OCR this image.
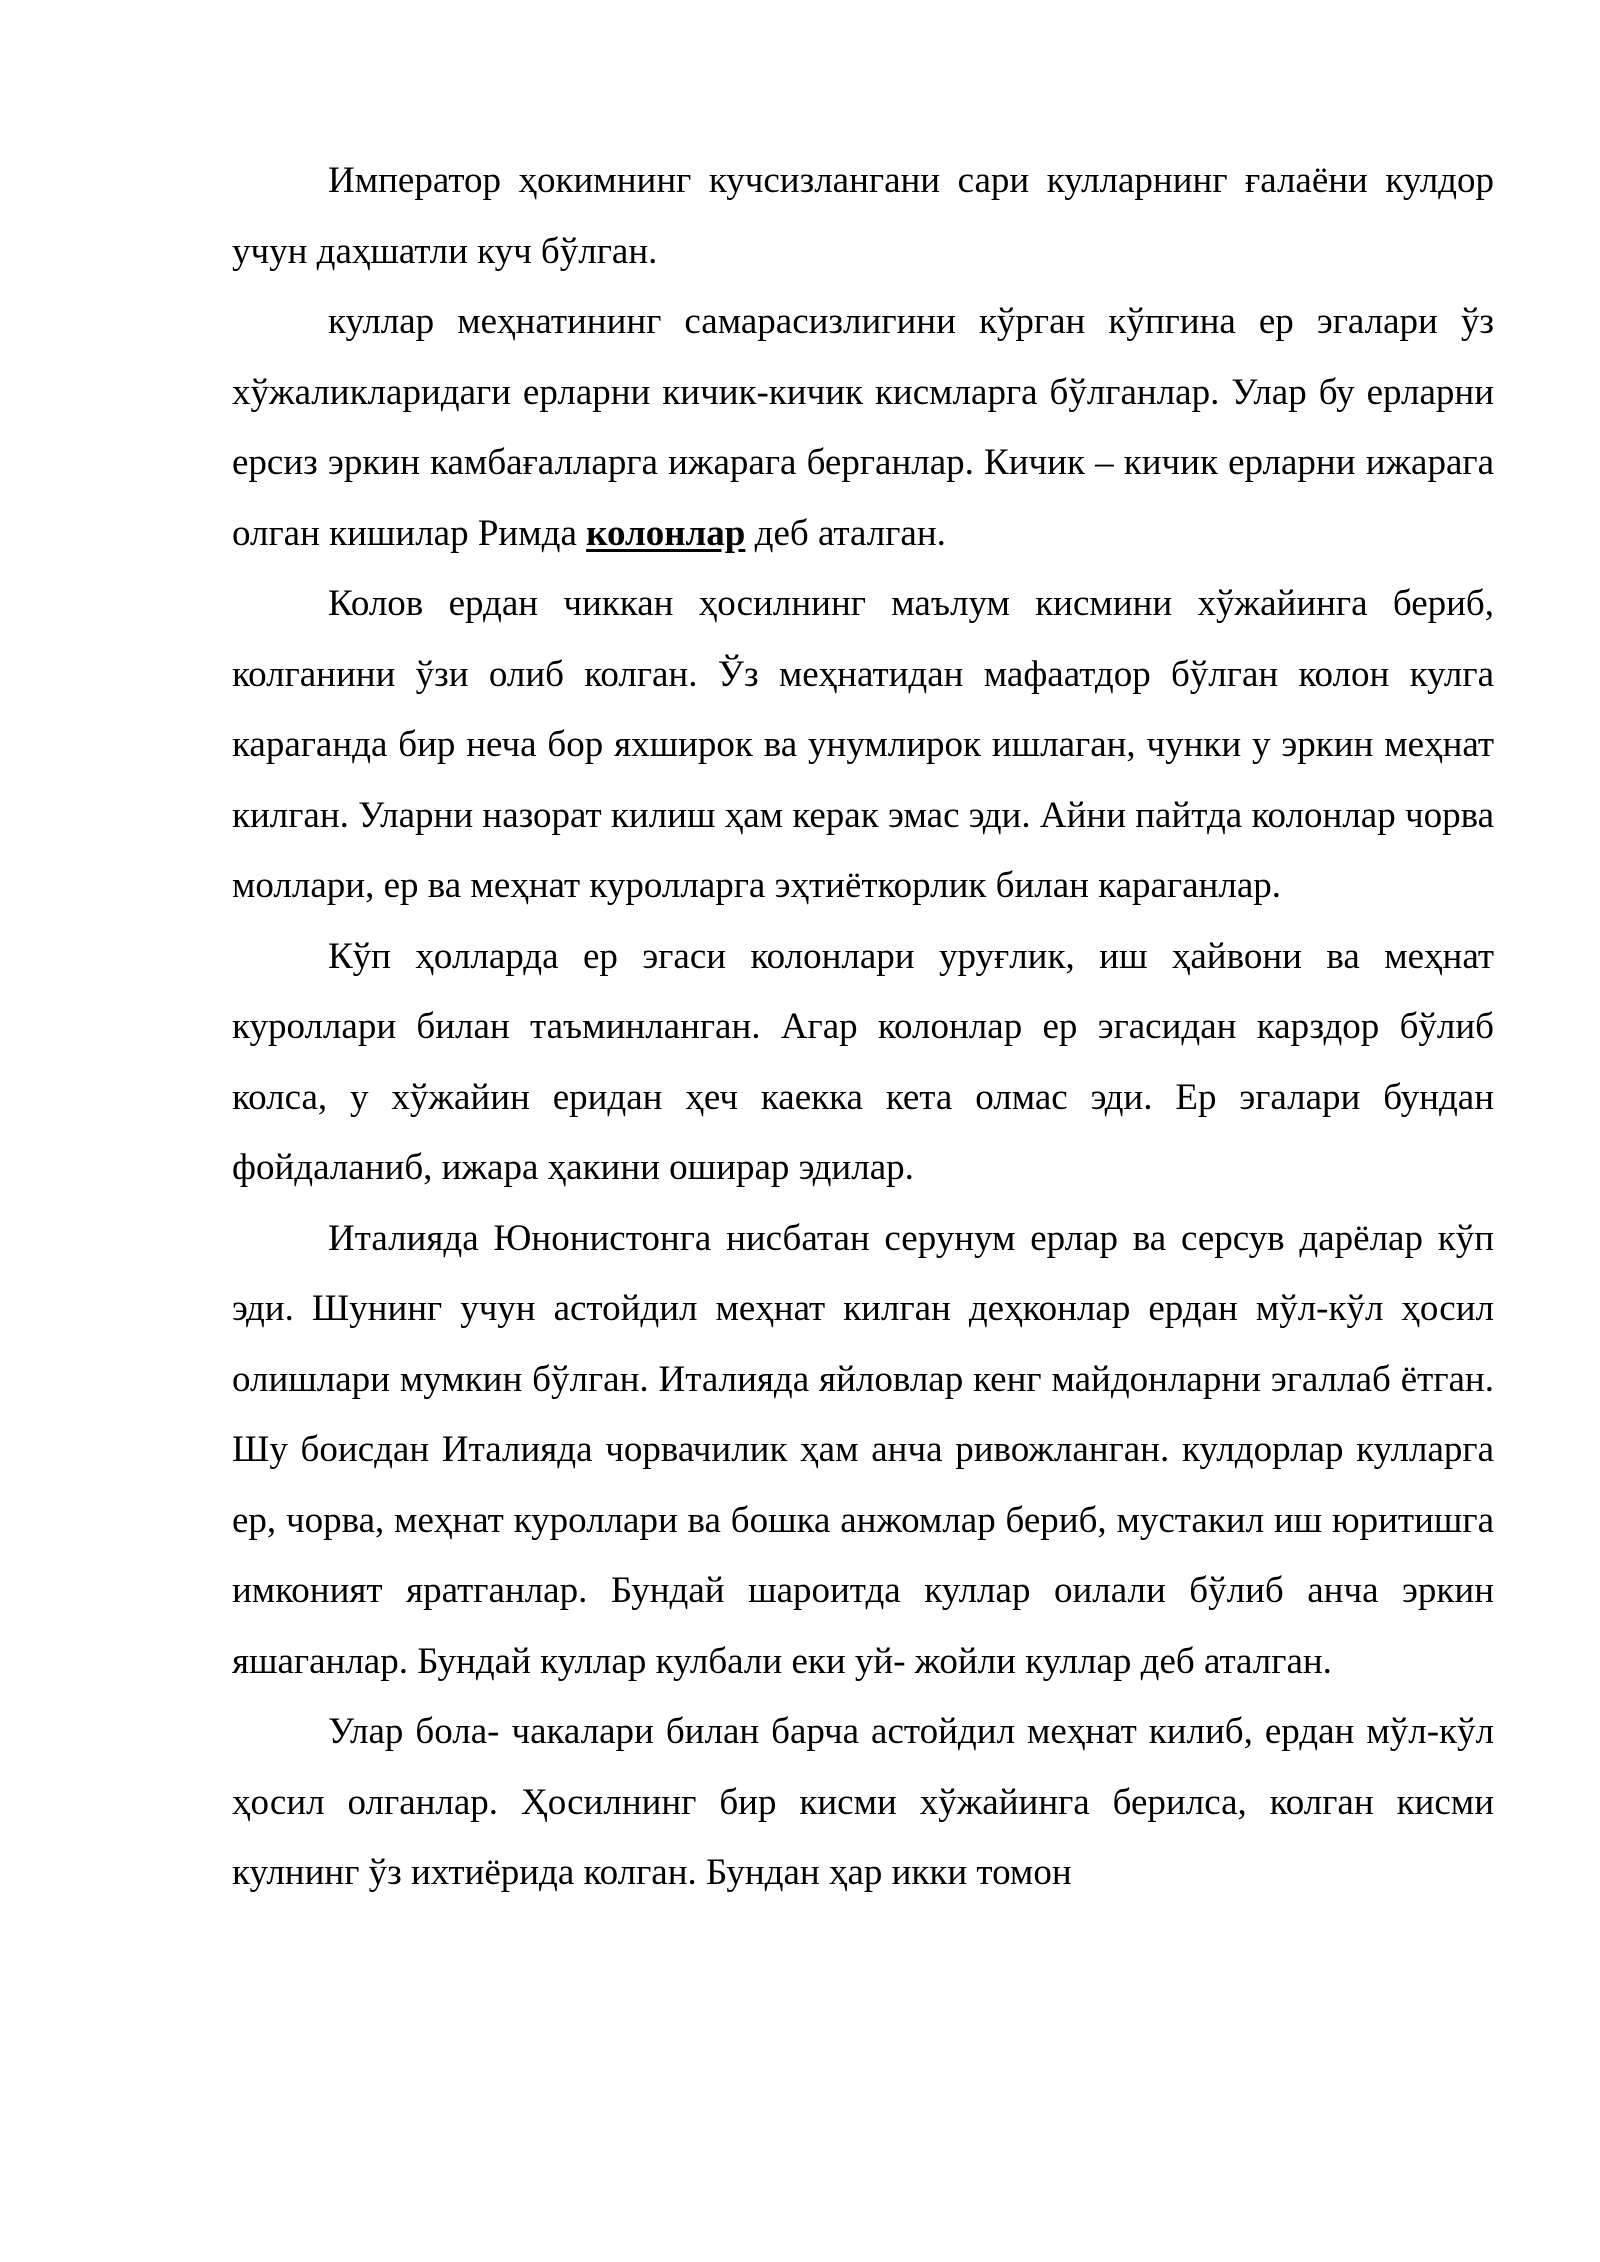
Император ҳокимнинг кучсизлангани сари кулларнинг ғалаёни кулдор учун даҳшатли куч бўлган.

куллар меҳнатининг самарасизлигини кўрган кўпгина ер эгалари ўз хўжаликларидаги ерларни кичик-кичик кисмларга бўлганлар. Улар бу ерларни ерсиз эркин камбағалларга ижарага берганлар. Кичик – кичик ерларни ижарага олган кишилар Римда колонлар деб аталган.

Колов ердан чиккан ҳосилнинг маълум кисмини хўжайинга бериб, колганини ўзи олиб колган. Ўз меҳнатидан мафаатдор бўлган колон кулга караганда бир неча бор яхширок ва унумлирок ишлаган, чунки у эркин меҳнат килган. Уларни назорат килиш ҳам керак эмас эди. Айни пайтда колонлар чорва моллари, ер ва меҳнат куролларга эҳтиёткорлик билан караганлар.

Кўп ҳолларда ер эгаси колонлари уруғлик, иш ҳайвони ва меҳнат куроллари билан таъминланган. Агар колонлар ер эгасидан карздор бўлиб колса, у хўжайин еридан ҳеч каекка кета олмас эди. Ер эгалари бундан фойдаланиб, ижара ҳакини оширар эдилар.

Италияда Юнонистонга нисбатан серунум ерлар ва серсув дарёлар кўп эди. Шунинг учун астойдил меҳнат килган деҳконлар ердан мўл-кўл ҳосил олишлари мумкин бўлган. Италияда яйловлар кенг майдонларни эгаллаб ётган. Шу боисдан Италияда чорвачилик ҳам анча ривожланган. кулдорлар кулларга ер, чорва, меҳнат куроллари ва бошка анжомлар бериб, мустакил иш юритишга имконият яратганлар. Бундай шароитда куллар оилали бўлиб анча эркин яшаганлар. Бундай куллар кулбали еки уй- жойли куллар деб аталган.

Улар бола- чакалари билан барча астойдил меҳнат килиб, ердан мўл-кўл ҳосил олганлар. Ҳосилнинг бир кисми хўжайинга берилса, колган кисми кулнинг ўз ихтиёрида колган. Бундан ҳар икки томон
